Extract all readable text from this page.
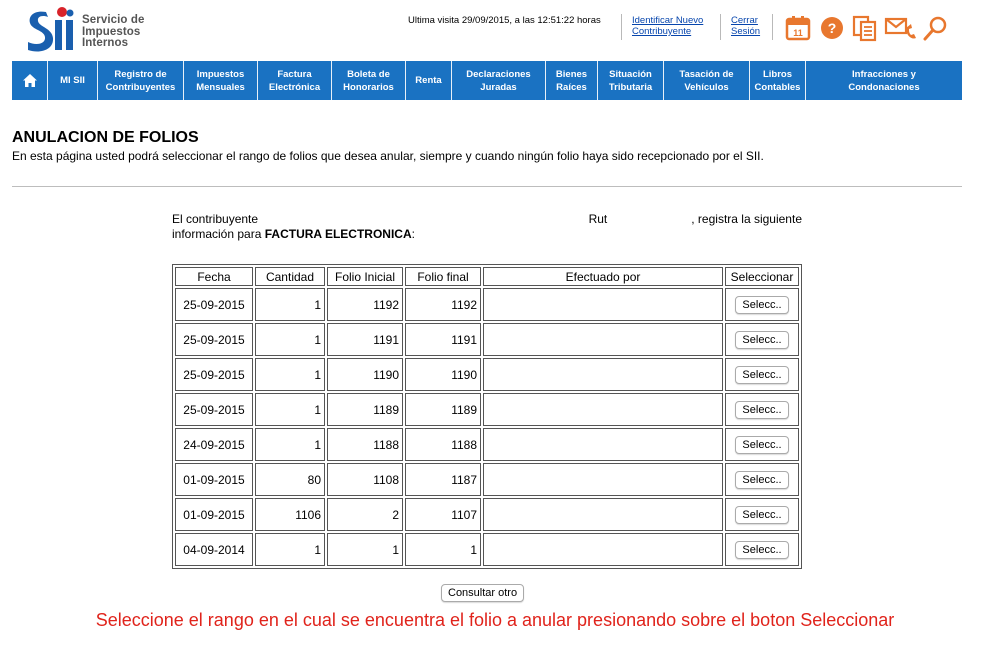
Servicio de
Impuestos
Internos
Ultima visita 29/09/2015, a las 12:51:22 horas	Identificar Nuevo
Contribuyente
Cerrar
Sesión	11 ?
MI SII
Registro de
Contribuyentes
Impuestos
Mensuales
Factura
Electrónica
Boleta de
Honorarios
Renta
Declaraciones
Juradas
Bienes
Raíces
Situación
Tributaria
Tasación de
Vehículos
Libros
Contables
Infracciones y
Condonaciones
ANULACION DE FOLIOS
En esta página usted podrá seleccionar el rango de folios que desea anular, siempre y cuando ningún folio haya sido recepcionado por el SII.
El contribuyente	Rutxxxxxxxxxxxxxx, registra la siguiente
información para FACTURA ELECTRONICA:
Fecha	Cantidad	Folio Inicial	Folio final	Efectuado por	Seleccionar
25-09-2015	1	1192	1192		Selecc..
25-09-2015	1	1191	1191		Selecc..
25-09-2015	1	1190	1190		Selecc..
25-09-2015	1	1189	1189		Selecc..
24-09-2015	1	1188	1188		Selecc..
01-09-2015	80	1108	1187		Selecc..
01-09-2015	1106	2	1107		Selecc..
04-09-2014	1	1	1		Selecc..
Consultar otro
Seleccione el rango en el cual se encuentra el folio a anular presionando sobre el boton Seleccionar
